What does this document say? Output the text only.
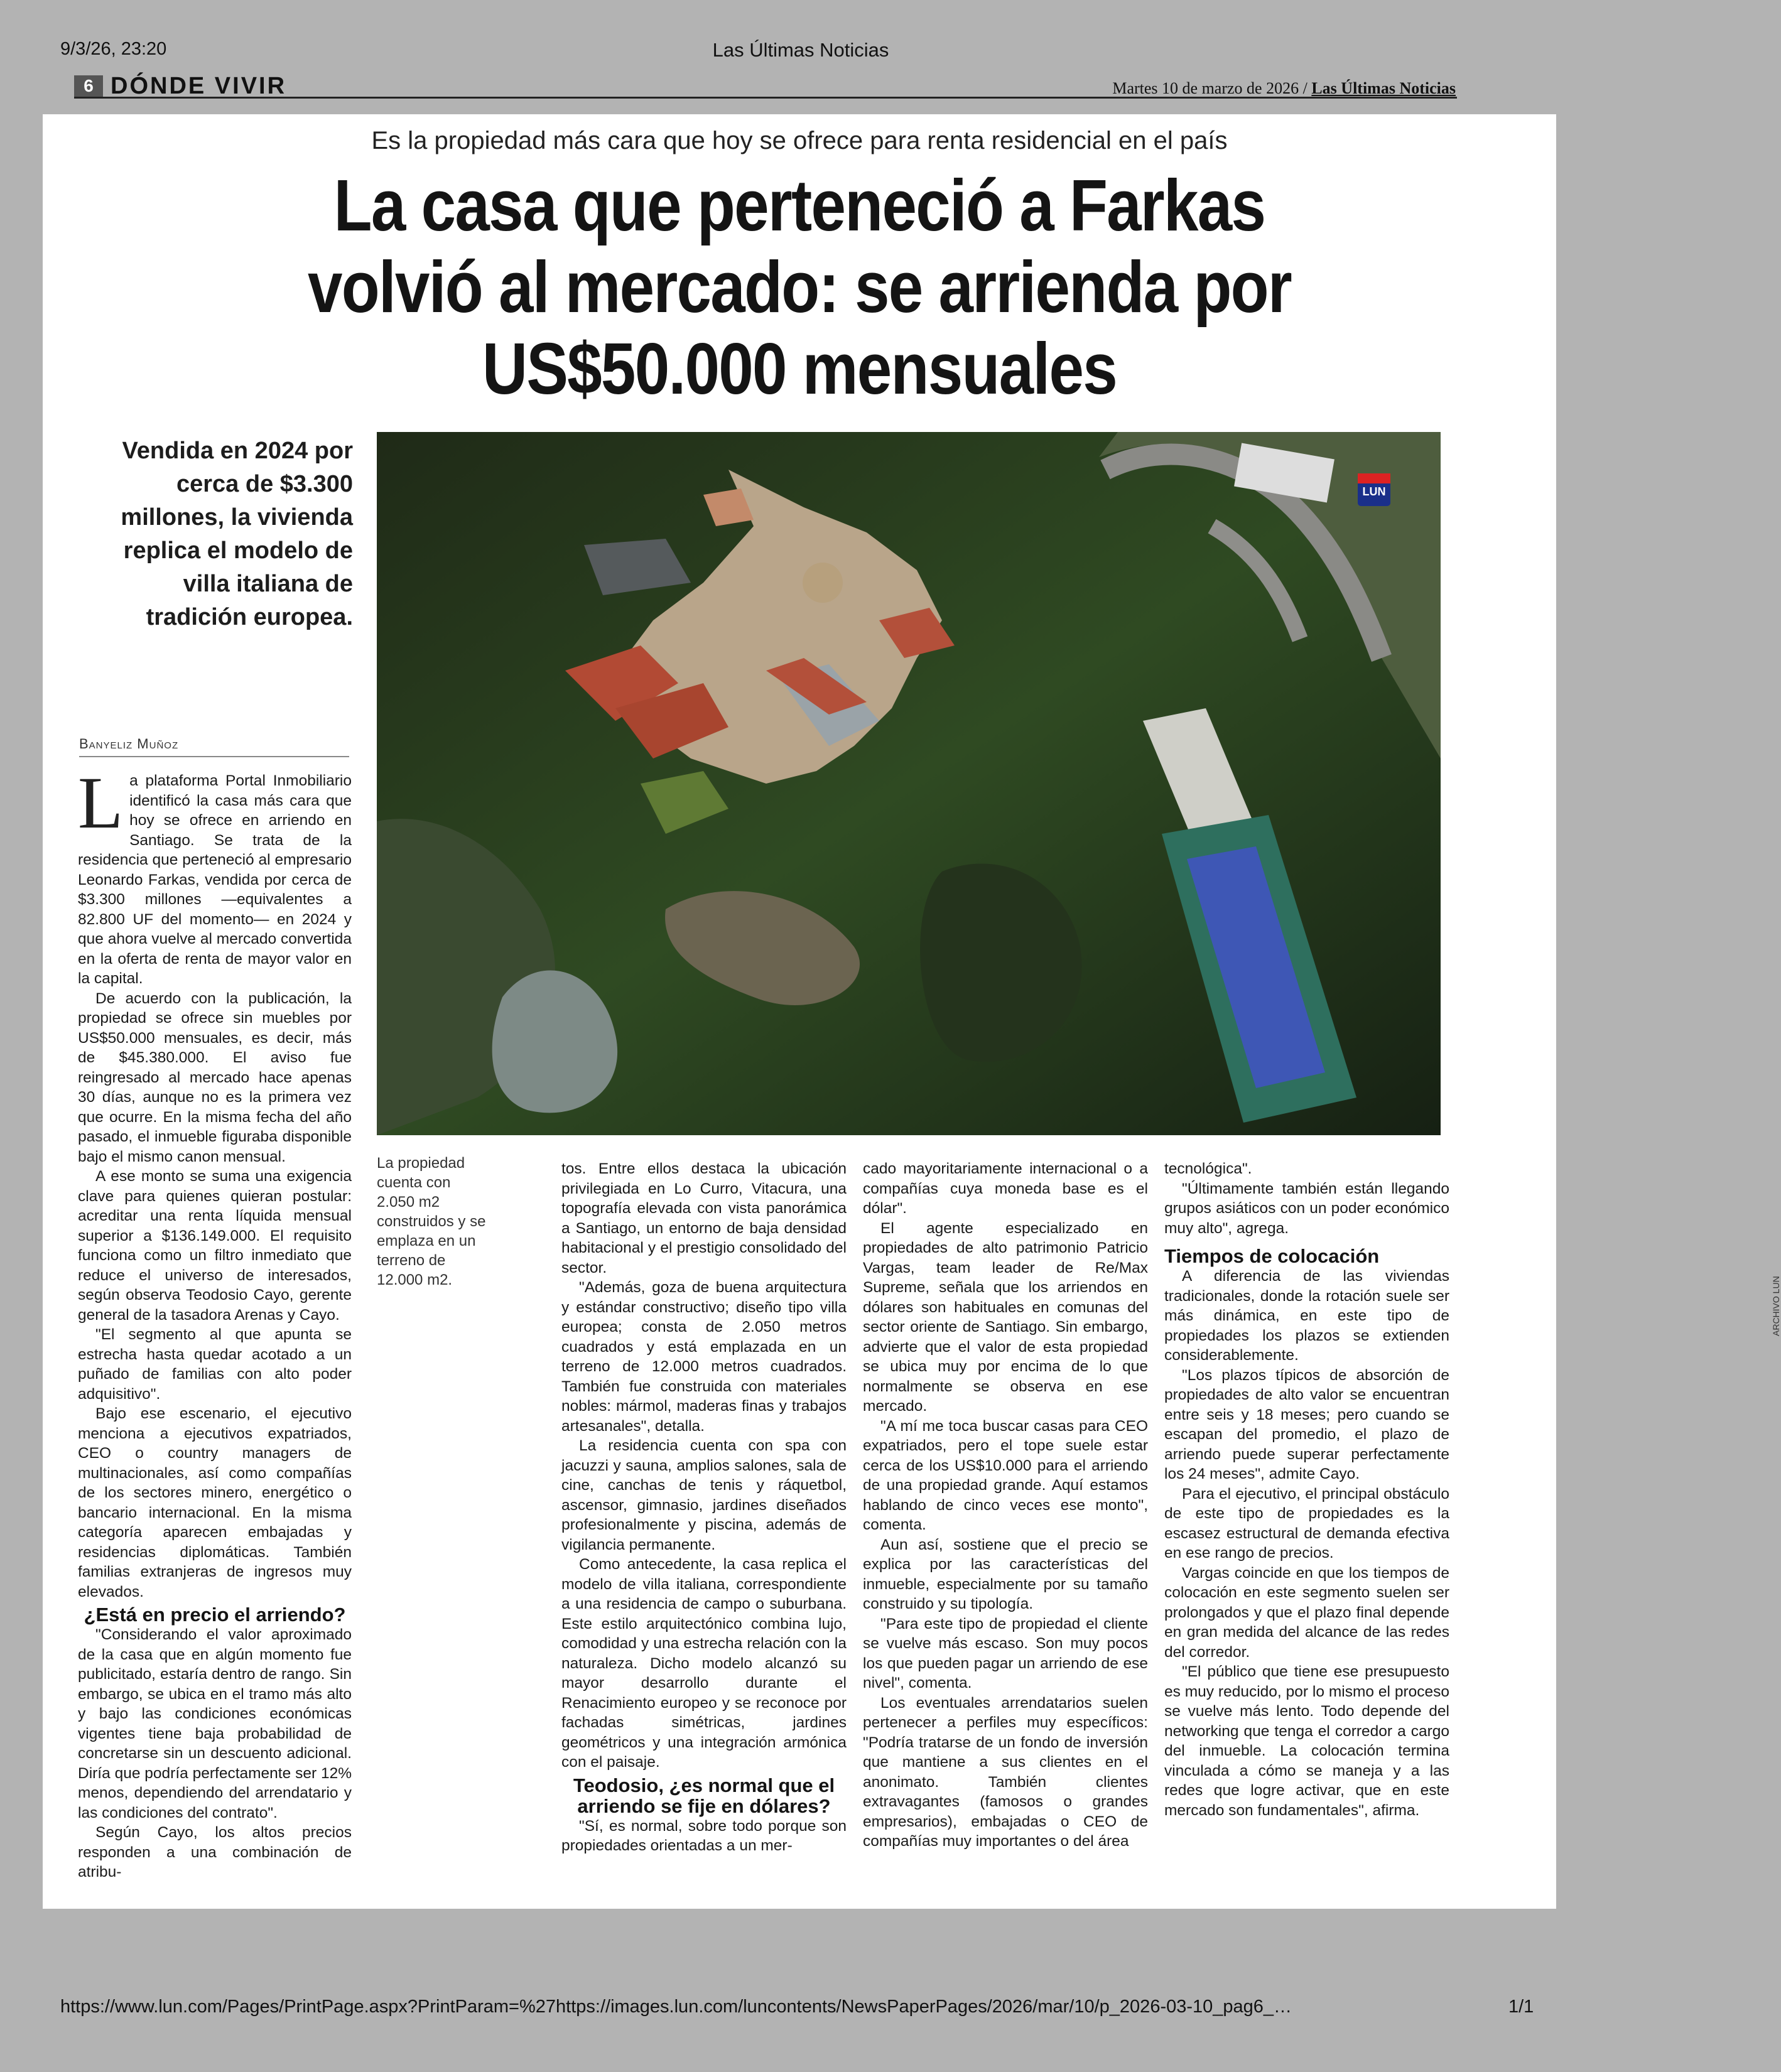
9/3/26, 23:20	Las Últimas Noticias
6 DÓNDE VIVIR	Martes 10 de marzo de 2026 / Las Últimas Noticias
Es la propiedad más cara que hoy se ofrece para renta residencial en el país
La casa que perteneció a Farkas
volvió al mercado: se arrienda por
US$50.000 mensuales
Vendida en 2024 por cerca de $3.300 millones, la vivienda replica el modelo de villa italiana de tradición europea.
LUN
ARCHIVO LUN
La propiedad cuenta con 2.050 m2 construidos y se emplaza en un terreno de 12.000 m2.
Banyeliz Muñoz

La plataforma Portal Inmobiliario identificó la casa más cara que hoy se ofrece en arriendo en Santiago. Se trata de la residencia que perteneció al empresario Leonardo Farkas, vendida por cerca de $3.300 millones —equivalentes a 82.800 UF del momento— en 2024 y que ahora vuelve al mercado convertida en la oferta de renta de mayor valor en la capital.

De acuerdo con la publicación, la propiedad se ofrece sin muebles por US$50.000 mensuales, es decir, más de $45.380.000. El aviso fue reingresado al mercado hace apenas 30 días, aunque no es la primera vez que ocurre. En la misma fecha del año pasado, el inmueble figuraba disponible bajo el mismo canon mensual.

A ese monto se suma una exigencia clave para quienes quieran postular: acreditar una renta líquida mensual superior a $136.149.000. El requisito funciona como un filtro inmediato que reduce el universo de interesados, según observa Teodosio Cayo, gerente general de la tasadora Arenas y Cayo.

"El segmento al que apunta se estrecha hasta quedar acotado a un puñado de familias con alto poder adquisitivo".

Bajo ese escenario, el ejecutivo menciona a ejecutivos expatriados, CEO o country managers de multinacionales, así como compañías de los sectores minero, energético o bancario internacional. En la misma categoría aparecen embajadas y residencias diplomáticas. También familias extranjeras de ingresos muy elevados.

¿Está en precio el arriendo?

"Considerando el valor aproximado de la casa que en algún momento fue publicitado, estaría dentro de rango. Sin embargo, se ubica en el tramo más alto y bajo las condiciones económicas vigentes tiene baja probabilidad de concretarse sin un descuento adicional. Diría que podría perfectamente ser 12% menos, dependiendo del arrendatario y las condiciones del contrato".

Según Cayo, los altos precios responden a una combinación de atribu-

tos. Entre ellos destaca la ubicación privilegiada en Lo Curro, Vitacura, una topografía elevada con vista panorámica a Santiago, un entorno de baja densidad habitacional y el prestigio consolidado del sector.

"Además, goza de buena arquitectura y estándar constructivo; diseño tipo villa europea; consta de 2.050 metros cuadrados y está emplazada en un terreno de 12.000 metros cuadrados. También fue construida con materiales nobles: mármol, maderas finas y trabajos artesanales", detalla.

La residencia cuenta con spa con jacuzzi y sauna, amplios salones, sala de cine, canchas de tenis y ráquetbol, ascensor, gimnasio, jardines diseñados profesionalmente y piscina, además de vigilancia permanente.

Como antecedente, la casa replica el modelo de villa italiana, correspondiente a una residencia de campo o suburbana. Este estilo arquitectónico combina lujo, comodidad y una estrecha relación con la naturaleza. Dicho modelo alcanzó su mayor desarrollo durante el Renacimiento europeo y se reconoce por fachadas simétricas, jardines geométricos y una integración armónica con el paisaje.

Teodosio, ¿es normal que el arriendo se fije en dólares?

"Sí, es normal, sobre todo porque son propiedades orientadas a un mer-

cado mayoritariamente internacional o a compañías cuya moneda base es el dólar".

El agente especializado en propiedades de alto patrimonio Patricio Vargas, team leader de Re/Max Supreme, señala que los arriendos en dólares son habituales en comunas del sector oriente de Santiago. Sin embargo, advierte que el valor de esta propiedad se ubica muy por encima de lo que normalmente se observa en ese mercado.

"A mí me toca buscar casas para CEO expatriados, pero el tope suele estar cerca de los US$10.000 para el arriendo de una propiedad grande. Aquí estamos hablando de cinco veces ese monto", comenta.

Aun así, sostiene que el precio se explica por las características del inmueble, especialmente por su tamaño construido y su tipología.

"Para este tipo de propiedad el cliente se vuelve más escaso. Son muy pocos los que pueden pagar un arriendo de ese nivel", comenta.

Los eventuales arrendatarios suelen pertenecer a perfiles muy específicos: "Podría tratarse de un fondo de inversión que mantiene a sus clientes en el anonimato. También clientes extravagantes (famosos o grandes empresarios), embajadas o CEO de compañías muy importantes o del área

tecnológica".

"Últimamente también están llegando grupos asiáticos con un poder económico muy alto", agrega.

Tiempos de colocación

A diferencia de las viviendas tradicionales, donde la rotación suele ser más dinámica, en este tipo de propiedades los plazos se extienden considerablemente.

"Los plazos típicos de absorción de propiedades de alto valor se encuentran entre seis y 18 meses; pero cuando se escapan del promedio, el plazo de arriendo puede superar perfectamente los 24 meses", admite Cayo.

Para el ejecutivo, el principal obstáculo de este tipo de propiedades es la escasez estructural de demanda efectiva en ese rango de precios.

Vargas coincide en que los tiempos de colocación en este segmento suelen ser prolongados y que el plazo final depende en gran medida del alcance de las redes del corredor.

"El público que tiene ese presupuesto es muy reducido, por lo mismo el proceso se vuelve más lento. Todo depende del networking que tenga el corredor a cargo del inmueble. La colocación termina vinculada a cómo se maneja y a las redes que logre activar, que en este mercado son fundamentales", afirma.

https://www.lun.com/Pages/PrintPage.aspx?PrintParam=%27https://images.lun.com/luncontents/NewsPaperPages/2026/mar/10/p_2026-03-10_pag6_…	1/1
